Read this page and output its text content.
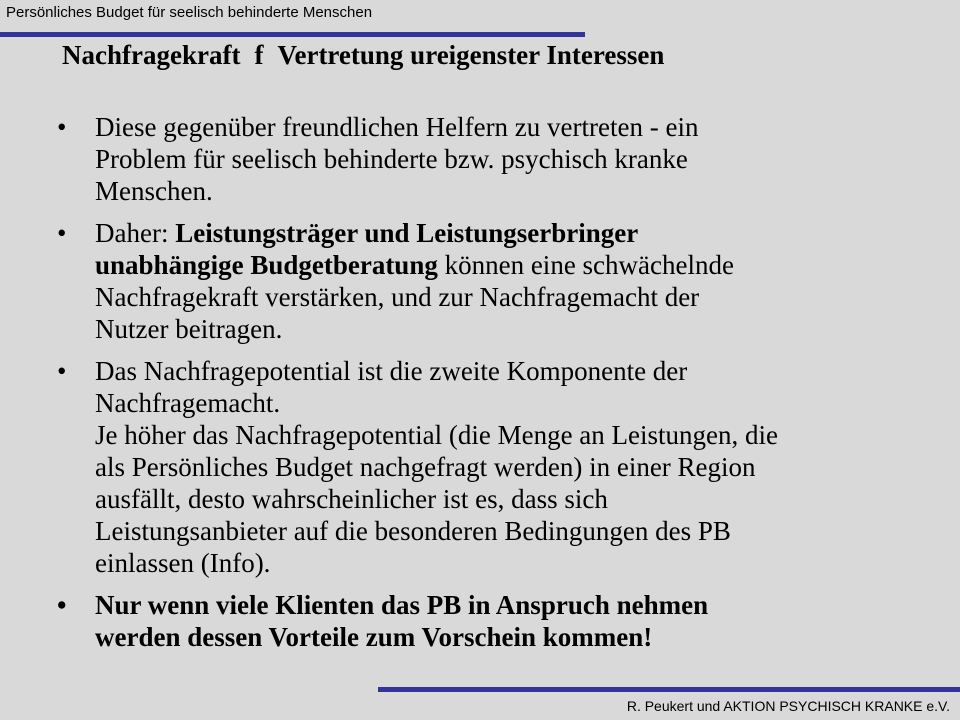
Persönliches Budget für seelisch behinderte Menschen
Nachfragekraft f Vertretung ureigenster Interessen
• Diese gegenüber freundlichen Helfern zu vertreten - ein
Problem für seelisch behinderte bzw. psychisch kranke
Menschen.
• Daher: Leistungsträger und Leistungserbringer
unabhängige Budgetberatung können eine schwächelnde
Nachfragekraft verstärken, und zur Nachfragemacht der
Nutzer beitragen.
• Das Nachfragepotential ist die zweite Komponente der
Nachfragemacht.
Je höher das Nachfragepotential (die Menge an Leistungen, die
als Persönliches Budget nachgefragt werden) in einer Region
ausfällt, desto wahrscheinlicher ist es, dass sich
Leistungsanbieter auf die besonderen Bedingungen des PB
einlassen (Info).
• Nur wenn viele Klienten das PB in Anspruch nehmen
werden dessen Vorteile zum Vorschein kommen!
R. Peukert und AKTION PSYCHISCH KRANKE e.V.
